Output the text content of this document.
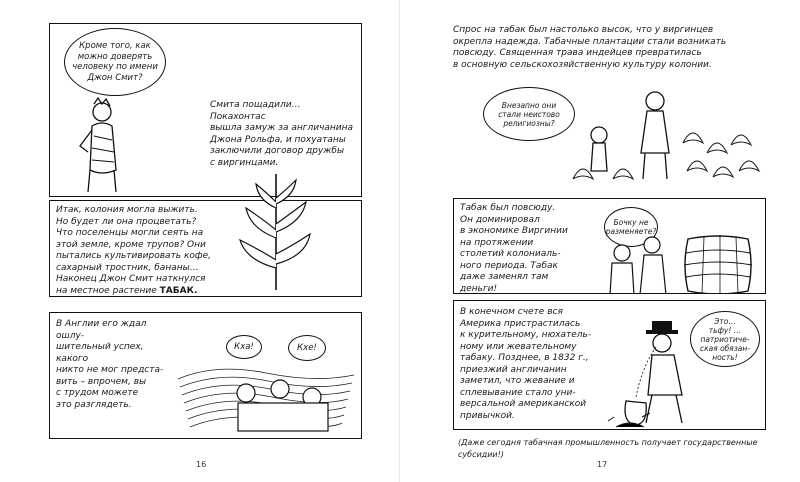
Кроме того, как
можно доверять
человеку по имени
Джон Смит?

Смита пощадили… Покахонтас
вышла замуж за англичанина
Джона Рольфа, и похуатаны
заключили договор дружбы
с виргинцами.

Итак, колония могла выжить.
Но будет ли она процветать?
Что поселенцы могли сеять на
этой земле, кроме трупов? Они
пытались культивировать кофе,
сахарный тростник, бананы…
Наконец Джон Смит наткнулся
на местное растение ТАБАК.

В Англии его ждал ошлу-
шительный успех, какого
никто не мог предста-
вить – впрочем, вы
с трудом можете
это разглядеть.

Кха!	Кхе!
16

Спрос на табак был настолько высок, что у виргинцев
окрепла надежда. Табачные плантации стали возникать
повсюду. Священная трава индейцев превратилась
в основную сельскохозяйственную культуру колонии.

Внезапно они
стали неистово
религиозны?

Табак был повсюду.
Он доминировал
в экономике Виргинии
на протяжении
столетий колониаль-
ного периода. Табак
даже заменял там
деньги!

Бочку не
разменяете?

В конечном счете вся
Америка пристрастилась
к курительному, нюхатель-
ному или жевательному
табаку. Позднее, в 1832 г.,
приезжий англичанин
заметил, что жевание и
сплевывание стало уни-
версальной американской
привычкой.

Это…
тьфу! …
патриотиче-
ская обязан-
ность!

(Даже сегодня табачная промышленность получает государственные субсидии!)

17
